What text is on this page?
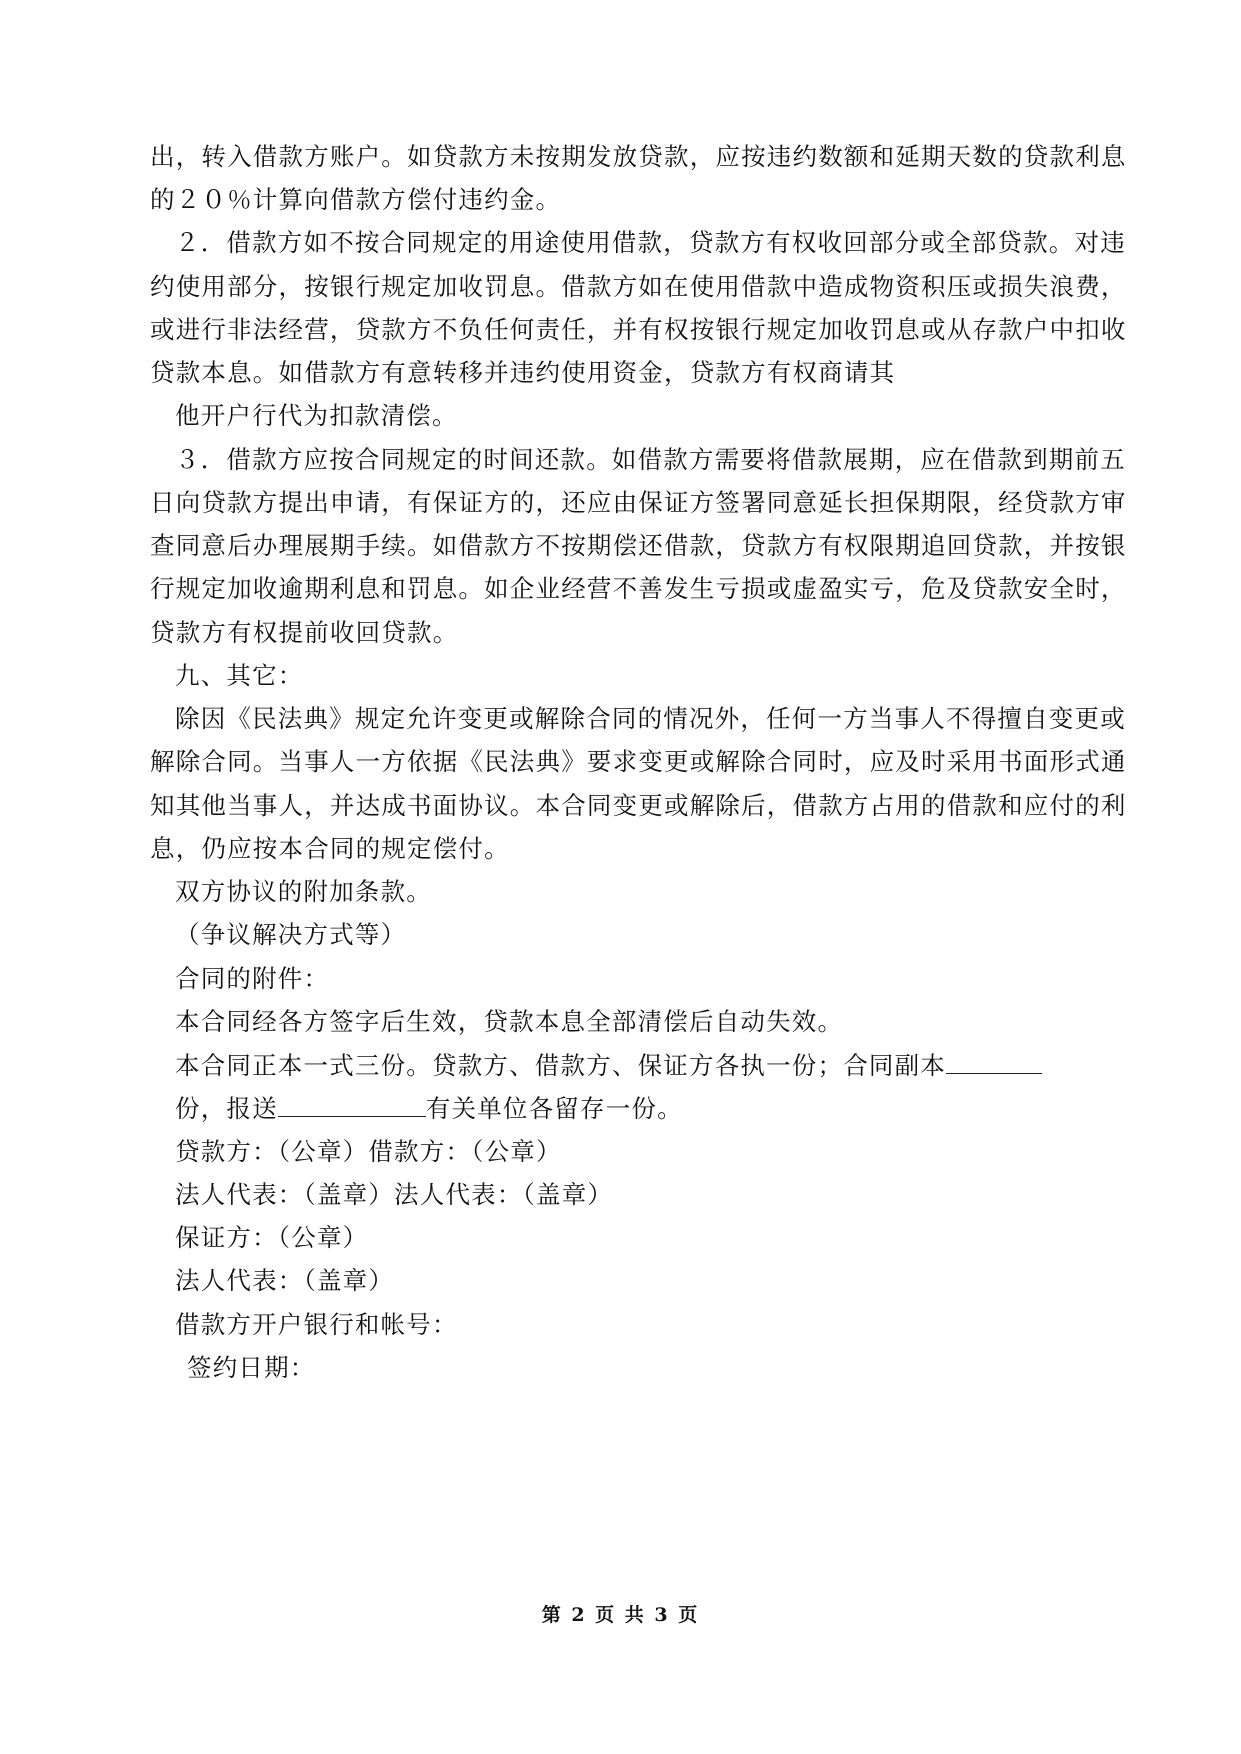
出，转入借款方账户。如贷款方未按期发放贷款，应按违约数额和延期天数的贷款利息

的２０％计算向借款方偿付违约金。

２．借款方如不按合同规定的用途使用借款，贷款方有权收回部分或全部贷款。对违

约使用部分，按银行规定加收罚息。借款方如在使用借款中造成物资积压或损失浪费，

或进行非法经营，贷款方不负任何责任，并有权按银行规定加收罚息或从存款户中扣收

贷款本息。如借款方有意转移并违约使用资金，贷款方有权商请其

他开户行代为扣款清偿。

３．借款方应按合同规定的时间还款。如借款方需要将借款展期，应在借款到期前五

日向贷款方提出申请，有保证方的，还应由保证方签署同意延长担保期限，经贷款方审

查同意后办理展期手续。如借款方不按期偿还借款，贷款方有权限期追回贷款，并按银

行规定加收逾期利息和罚息。如企业经营不善发生亏损或虚盈实亏，危及贷款安全时，

贷款方有权提前收回贷款。

九、其它：

除因《民法典》规定允许变更或解除合同的情况外，任何一方当事人不得擅自变更或

解除合同。当事人一方依据《民法典》要求变更或解除合同时，应及时采用书面形式通

知其他当事人，并达成书面协议。本合同变更或解除后，借款方占用的借款和应付的利

息，仍应按本合同的规定偿付。

双方协议的附加条款。

（争议解决方式等）

合同的附件：

本合同经各方签字后生效，贷款本息全部清偿后自动失效。

本合同正本一式三份。贷款方、借款方、保证方各执一份；合同副本

份，报送	有关单位各留存一份。

贷款方：（公章）借款方：（公章）

法人代表：（盖章）法人代表：（盖章）

保证方：（公章）

法人代表：（盖章）

借款方开户银行和帐号：

签约日期：

第 2 页 共 3 页
